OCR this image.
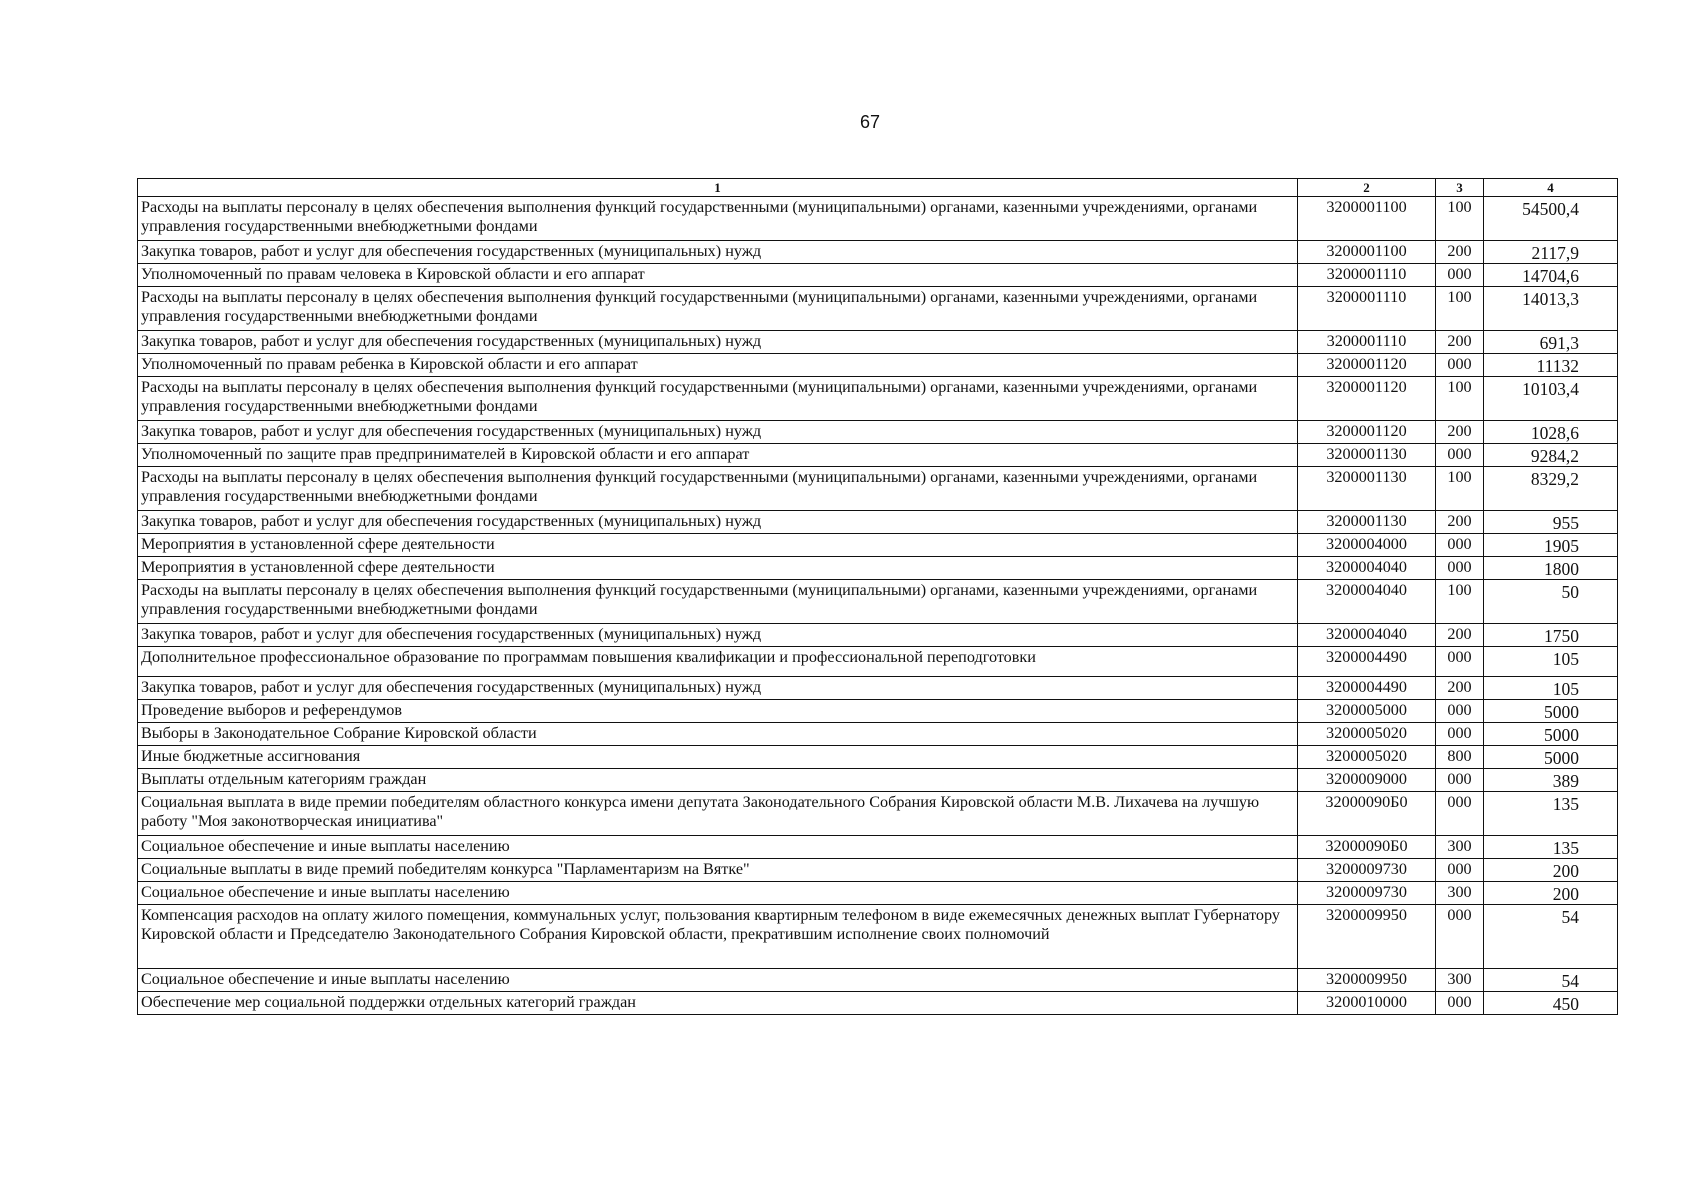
67
1	2	3	4
Расходы на выплаты персоналу в целях обеспечения выполнения функций государственными (муниципальными) органами, казенными учреждениями, органами управления государственными внебюджетными фондами	3200001100	100	54500,4
Закупка товаров, работ и услуг для обеспечения государственных (муниципальных) нужд	3200001100	200	2117,9
Уполномоченный по правам человека в Кировской области и его аппарат	3200001110	000	14704,6
Расходы на выплаты персоналу в целях обеспечения выполнения функций государственными (муниципальными) органами, казенными учреждениями, органами управления государственными внебюджетными фондами	3200001110	100	14013,3
Закупка товаров, работ и услуг для обеспечения государственных (муниципальных) нужд	3200001110	200	691,3
Уполномоченный по правам ребенка в Кировской области и его аппарат	3200001120	000	11132
Расходы на выплаты персоналу в целях обеспечения выполнения функций государственными (муниципальными) органами, казенными учреждениями, органами управления государственными внебюджетными фондами	3200001120	100	10103,4
Закупка товаров, работ и услуг для обеспечения государственных (муниципальных) нужд	3200001120	200	1028,6
Уполномоченный по защите прав предпринимателей в Кировской области и его аппарат	3200001130	000	9284,2
Расходы на выплаты персоналу в целях обеспечения выполнения функций государственными (муниципальными) органами, казенными учреждениями, органами управления государственными внебюджетными фондами	3200001130	100	8329,2
Закупка товаров, работ и услуг для обеспечения государственных (муниципальных) нужд	3200001130	200	955
Мероприятия в установленной сфере деятельности	3200004000	000	1905
Мероприятия в установленной сфере деятельности	3200004040	000	1800
Расходы на выплаты персоналу в целях обеспечения выполнения функций государственными (муниципальными) органами, казенными учреждениями, органами управления государственными внебюджетными фондами	3200004040	100	50
Закупка товаров, работ и услуг для обеспечения государственных (муниципальных) нужд	3200004040	200	1750
Дополнительное профессиональное образование по программам повышения квалификации и профессиональной переподготовки	3200004490	000	105
Закупка товаров, работ и услуг для обеспечения государственных (муниципальных) нужд	3200004490	200	105
Проведение выборов и референдумов	3200005000	000	5000
Выборы в Законодательное Собрание Кировской области	3200005020	000	5000
Иные бюджетные ассигнования	3200005020	800	5000
Выплаты отдельным категориям граждан	3200009000	000	389
Социальная выплата в виде премии победителям областного конкурса имени депутата Законодательного Собрания Кировской области М.В. Лихачева на лучшую работу "Моя законотворческая инициатива"	32000090Б0	000	135
Социальное обеспечение и иные выплаты населению	32000090Б0	300	135
Социальные выплаты в виде премий победителям конкурса "Парламентаризм на Вятке"	3200009730	000	200
Социальное обеспечение и иные выплаты населению	3200009730	300	200
Компенсация расходов на оплату жилого помещения, коммунальных услуг, пользования квартирным телефоном в виде ежемесячных денежных выплат Губернатору Кировской области и Председателю Законодательного Собрания Кировской области, прекратившим исполнение своих полномочий	3200009950	000	54
Социальное обеспечение и иные выплаты населению	3200009950	300	54
Обеспечение мер социальной поддержки отдельных категорий граждан	3200010000	000	450
